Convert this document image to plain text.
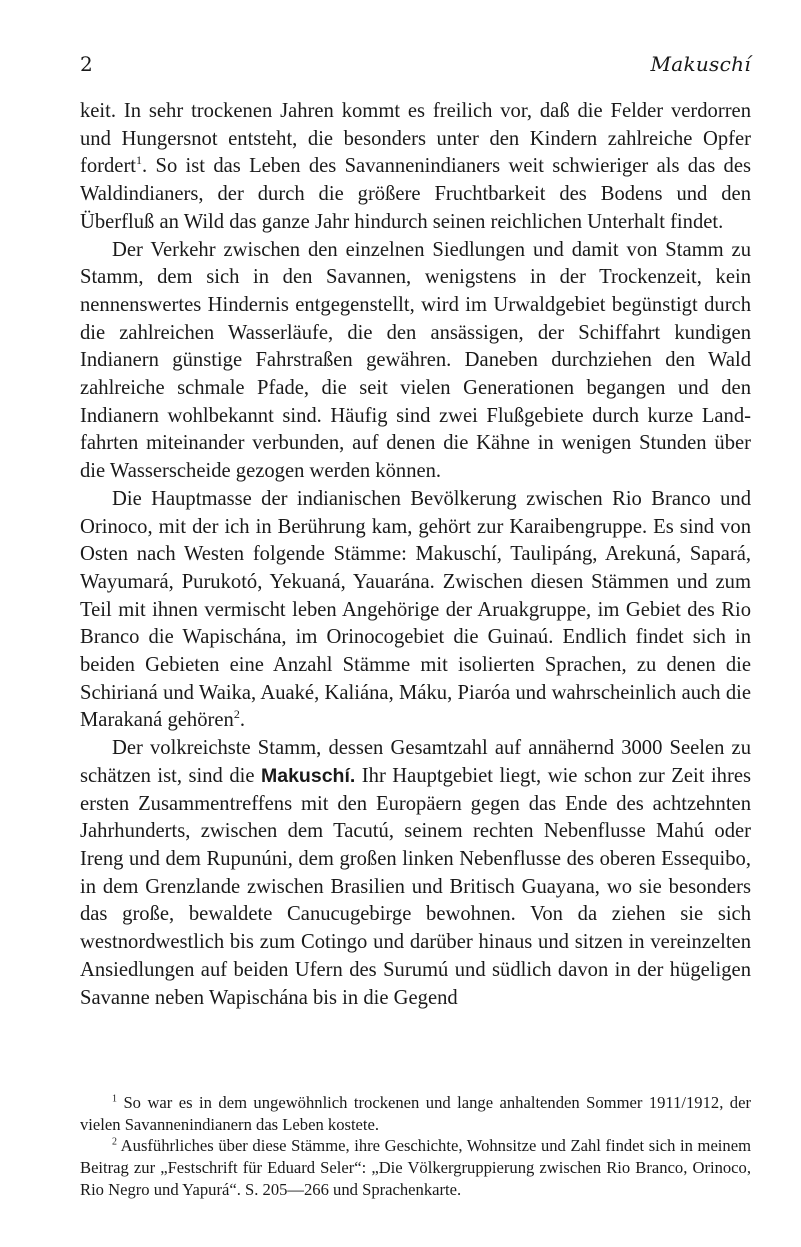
2	Makuschí

keit. In sehr trockenen Jahren kommt es freilich vor, daß die Felder verdorren und Hungersnot entsteht, die besonders unter den Kindern zahlreiche Opfer fordert$^1$. So ist das Leben des Savannenindianers weit schwieriger als das des Waldindianers, der durch die größere Fruchtbarkeit des Bodens und den Überfluß an Wild das ganze Jahr hindurch seinen reichlichen Unterhalt findet.

Der Verkehr zwischen den einzelnen Siedlungen und damit von Stamm zu Stamm, dem sich in den Savannen, wenigstens in der Trockenzeit, kein nennenswertes Hindernis entgegenstellt, wird im Urwaldgebiet begünstigt durch die zahlreichen Wasserläufe, die den ansässigen, der Schiffahrt kundigen Indianern günstige Fahrstraßen gewähren. Daneben durchziehen den Wald zahlreiche schmale Pfade, die seit vielen Generationen begangen und den Indianern wohlbekannt sind. Häufig sind zwei Flußgebiete durch kurze Landfahrten miteinander verbunden, auf denen die Kähne in wenigen Stunden über die Wasserscheide gezogen werden können.

Die Hauptmasse der indianischen Bevölkerung zwischen Rio Branco und Orinoco, mit der ich in Berührung kam, gehört zur Karaibengruppe. Es sind von Osten nach Westen folgende Stämme: Makuschí, Taulipáng, Arekuná, Sapará, Wayumará, Purukotó, Yekuaná, Yauarána. Zwischen diesen Stämmen und zum Teil mit ihnen vermischt leben Angehörige der Aruakgruppe, im Gebiet des Rio Branco die Wapischána, im Orinocogebiet die Guinaú. Endlich findet sich in beiden Gebieten eine Anzahl Stämme mit isolierten Sprachen, zu denen die Schirianá und Waika, Auaké, Kaliána, Máku, Piaróa und wahrscheinlich auch die Marakaná gehören$^2$.

Der volkreichste Stamm, dessen Gesamtzahl auf annähernd 3000 Seelen zu schätzen ist, sind die Makuschí. Ihr Hauptgebiet liegt, wie schon zur Zeit ihres ersten Zusammentreffens mit den Europäern gegen das Ende des achtzehnten Jahrhunderts, zwischen dem Tacutú, seinem rechten Nebenflusse Mahú oder Ireng und dem Rupunúni, dem großen linken Nebenflusse des oberen Essequibo, in dem Grenzlande zwischen Brasilien und Britisch Guayana, wo sie besonders das große, bewaldete Canucugebirge bewohnen. Von da ziehen sie sich westnordwestlich bis zum Cotingo und darüber hinaus und sitzen in vereinzelten Ansiedlungen auf beiden Ufern des Surumú und südlich davon in der hügeligen Savanne neben Wapischána bis in die Gegend

$^1$ So war es in dem ungewöhnlich trockenen und lange anhaltenden Sommer 1911/1912, der vielen Savannenindianern das Leben kostete.

$^2$ Ausführliches über diese Stämme, ihre Geschichte, Wohnsitze und Zahl findet sich in meinem Beitrag zur „Festschrift für Eduard Seler“: „Die Völkergruppierung zwischen Rio Branco, Orinoco, Rio Negro und Yapurá“. S. 205—266 und Sprachenkarte.
